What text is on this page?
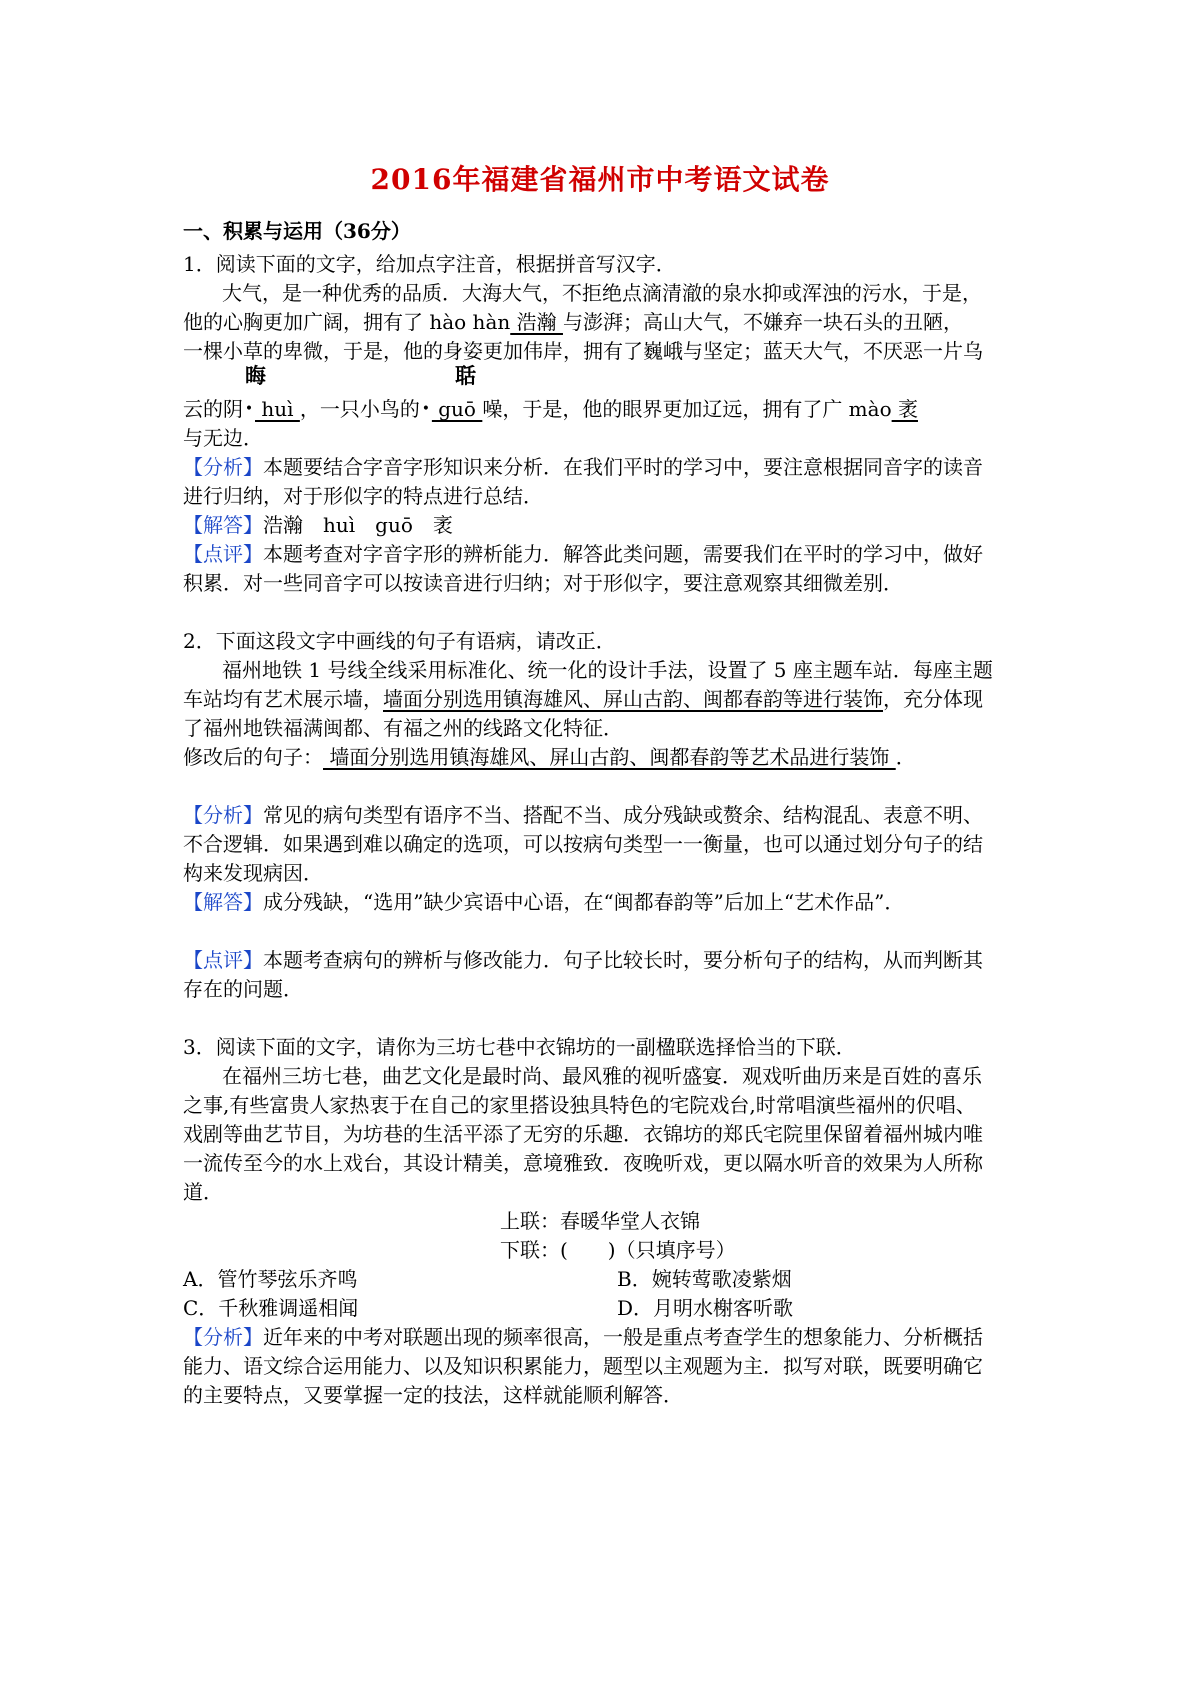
2016年福建省福州市中考语文试卷
一、积累与运用（36分）
1．阅读下面的文字，给加点字注音，根据拼音写汉字．
大气，是一种优秀的品质．大海大气，不拒绝点滴清澈的泉水抑或浑浊的污水，于是，
他的心胸更加广阔，拥有了 hào hàn 浩瀚 与澎湃；高山大气，不嫌弃一块石头的丑陋，
一棵小草的卑微，于是，他的身姿更加伟岸，拥有了巍峨与坚定；蓝天大气，不厌恶一片乌
晦	聒
云的阴 • huì ，一只小鸟的 • guō 噪，于是，他的眼界更加辽远，拥有了广 mào 袤
与无边．
【分析】本题要结合字音字形知识来分析．在我们平时的学习中，要注意根据同音字的读音
进行归纳，对于形似字的特点进行总结．
【解答】浩瀚　huì　guō　袤
【点评】本题考查对字音字形的辨析能力．解答此类问题，需要我们在平时的学习中，做好
积累．对一些同音字可以按读音进行归纳；对于形似字，要注意观察其细微差别．
2．下面这段文字中画线的句子有语病，请改正．
福州地铁 1 号线全线采用标准化、统一化的设计手法，设置了 5 座主题车站．每座主题
车站均有艺术展示墙，墙面分别选用镇海雄风、屏山古韵、闽都春韵等进行装饰，充分体现
了福州地铁福满闽都、有福之州的线路文化特征．
修改后的句子： 墙面分别选用镇海雄风、屏山古韵、闽都春韵等艺术品进行装饰 ．
【分析】常见的病句类型有语序不当、搭配不当、成分残缺或赘余、结构混乱、表意不明、
不合逻辑．如果遇到难以确定的选项，可以按病句类型一一衡量，也可以通过划分句子的结
构来发现病因．
【解答】成分残缺，“选用”缺少宾语中心语，在“闽都春韵等”后加上“艺术作品”．
【点评】本题考查病句的辨析与修改能力．句子比较长时，要分析句子的结构，从而判断其
存在的问题．
3．阅读下面的文字，请你为三坊七巷中衣锦坊的一副楹联选择恰当的下联．
在福州三坊七巷，曲艺文化是最时尚、最风雅的视听盛宴．观戏听曲历来是百姓的喜乐
之事,有些富贵人家热衷于在自己的家里搭设独具特色的宅院戏台,时常唱演些福州的伬唱、
戏剧等曲艺节目，为坊巷的生活平添了无穷的乐趣．衣锦坊的郑氏宅院里保留着福州城内唯
一流传至今的水上戏台，其设计精美，意境雅致．夜晚听戏，更以隔水听音的效果为人所称
道．
上联：春暖华堂人衣锦
下联：(　　)（只填序号）
A．管竹琴弦乐齐鸣	B．婉转莺歌凌紫烟
C．千秋雅调遥相闻	D．月明水榭客听歌
【分析】近年来的中考对联题出现的频率很高，一般是重点考查学生的想象能力、分析概括
能力、语文综合运用能力、以及知识积累能力，题型以主观题为主．拟写对联，既要明确它
的主要特点，又要掌握一定的技法，这样就能顺利解答．
